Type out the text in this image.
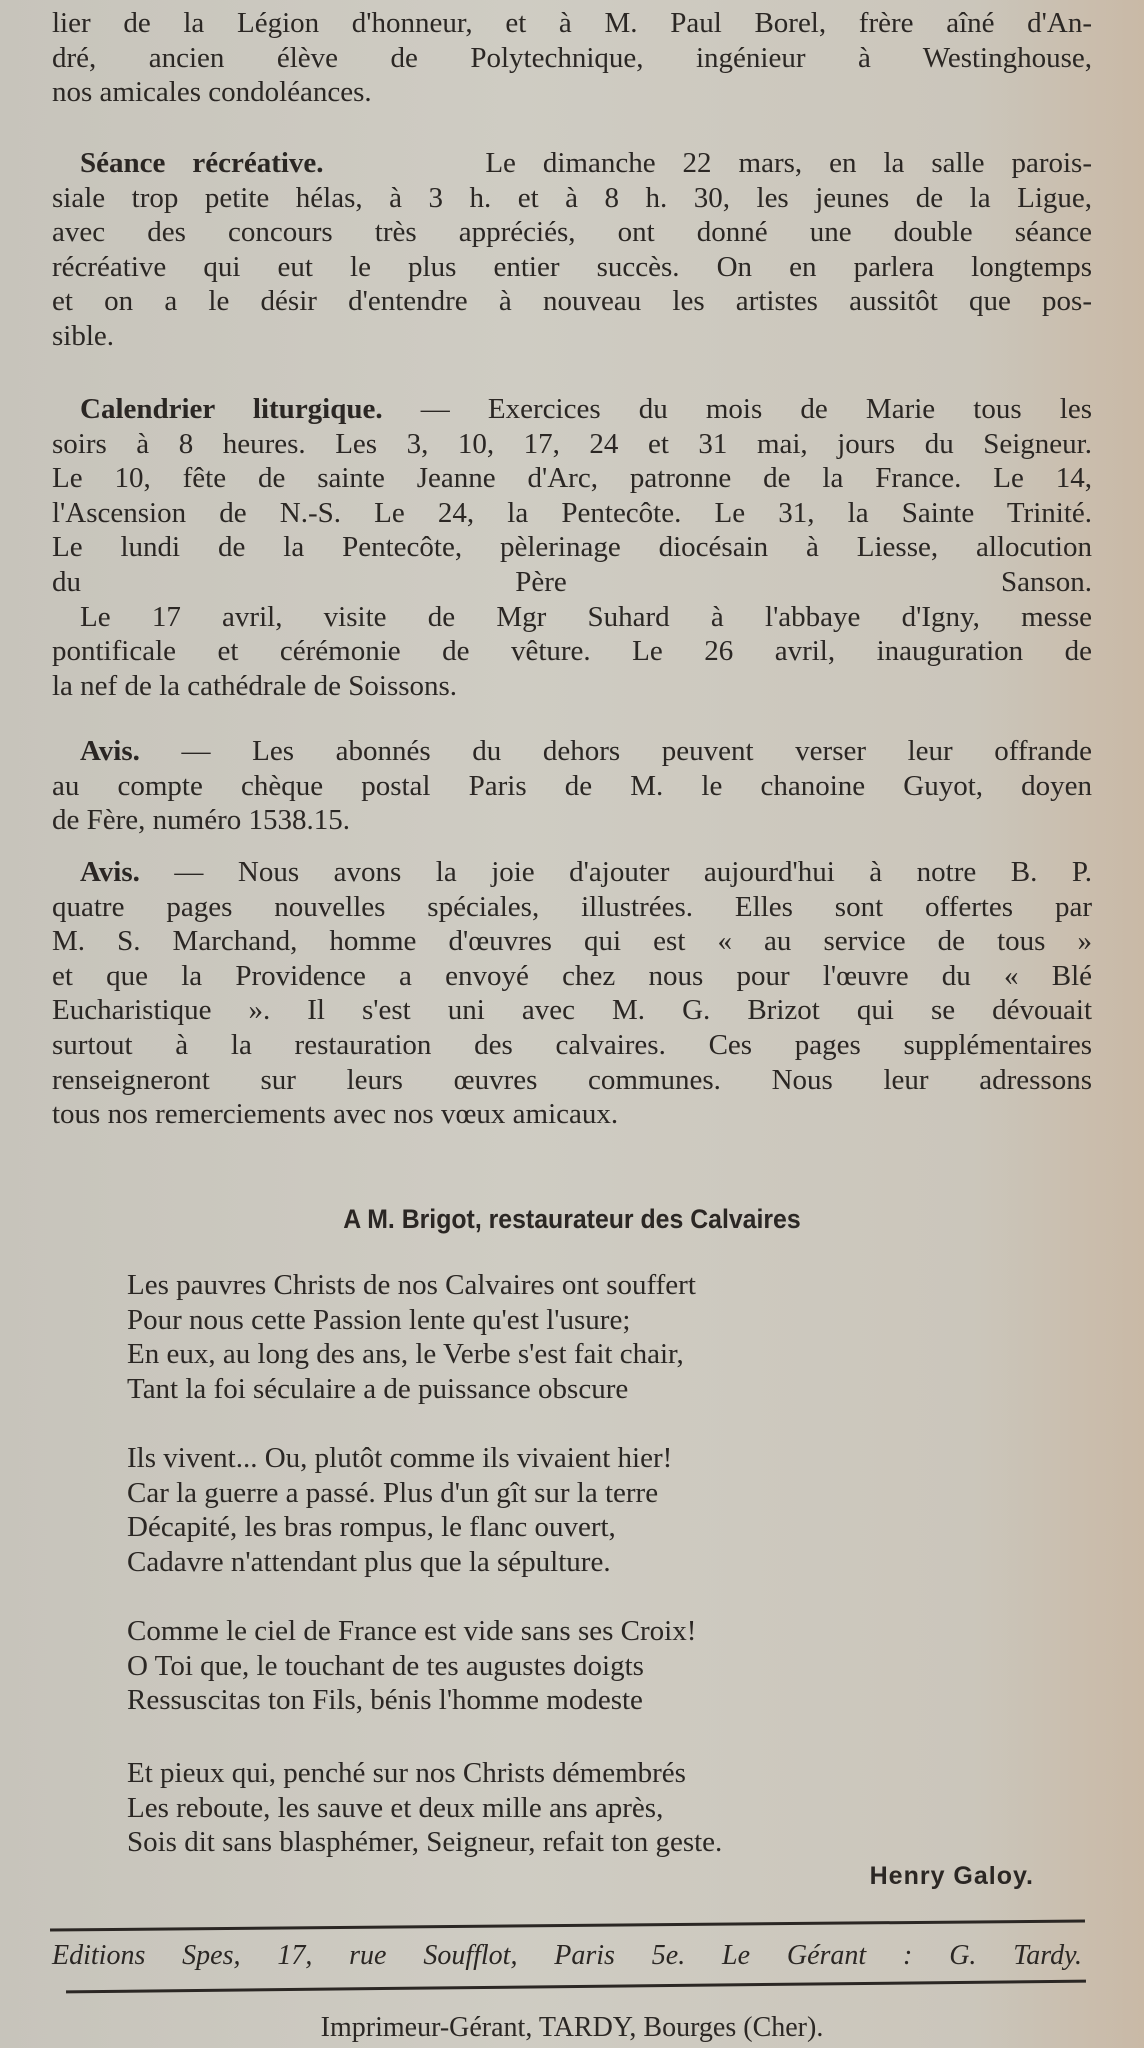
lier de la Légion d'honneur, et à M. Paul Borel, frère aîné d'An-
dré, ancien élève de Polytechnique, ingénieur à Westinghouse,
nos amicales condoléances.
Séance récréative.      Le dimanche 22 mars, en la salle parois-
siale trop petite hélas, à 3 h. et à 8 h. 30, les jeunes de la Ligue,
avec des concours très appréciés, ont donné une double séance
récréative qui eut le plus entier succès. On en parlera longtemps
et on a le désir d'entendre à nouveau les artistes aussitôt que pos-
sible.
Calendrier liturgique. — Exercices du mois de Marie tous les
soirs à 8 heures. Les 3, 10, 17, 24 et 31 mai, jours du Seigneur.
Le 10, fête de sainte Jeanne d'Arc, patronne de la France. Le 14,
l'Ascension de N.-S. Le 24, la Pentecôte. Le 31, la Sainte Trinité.
Le lundi de la Pentecôte, pèlerinage diocésain à Liesse, allocution
du Père Sanson.
Le 17 avril, visite de Mgr Suhard à l'abbaye d'Igny, messe
pontificale et cérémonie de vêture. Le 26 avril, inauguration de
la nef de la cathédrale de Soissons.
Avis. — Les abonnés du dehors peuvent verser leur offrande
au compte chèque postal Paris de M. le chanoine Guyot, doyen
de Fère, numéro 1538.15.
Avis. — Nous avons la joie d'ajouter aujourd'hui à notre B. P.
quatre pages nouvelles spéciales, illustrées. Elles sont offertes par
M. S. Marchand, homme d'œuvres qui est « au service de tous »
et que la Providence a envoyé chez nous pour l'œuvre du « Blé
Eucharistique ». Il s'est uni avec M. G. Brizot qui se dévouait
surtout à la restauration des calvaires. Ces pages supplémentaires
renseigneront sur leurs œuvres communes. Nous leur adressons
tous nos remerciements avec nos vœux amicaux.
A M. Brigot, restaurateur des Calvaires
Les pauvres Christs de nos Calvaires ont souffert
Pour nous cette Passion lente qu'est l'usure;
En eux, au long des ans, le Verbe s'est fait chair,
Tant la foi séculaire a de puissance obscure
Ils vivent... Ou, plutôt comme ils vivaient hier!
Car la guerre a passé. Plus d'un gît sur la terre
Décapité, les bras rompus, le flanc ouvert,
Cadavre n'attendant plus que la sépulture.
Comme le ciel de France est vide sans ses Croix!
O Toi que, le touchant de tes augustes doigts
Ressuscitas ton Fils, bénis l'homme modeste
Et pieux qui, penché sur nos Christs démembrés
Les reboute, les sauve et deux mille ans après,
Sois dit sans blasphémer, Seigneur, refait ton geste.
Henry Galoy.
Editions Spes, 17, rue Soufflot, Paris 5e. Le Gérant : G. Tardy.
Imprimeur-Gérant, TARDY, Bourges (Cher).
